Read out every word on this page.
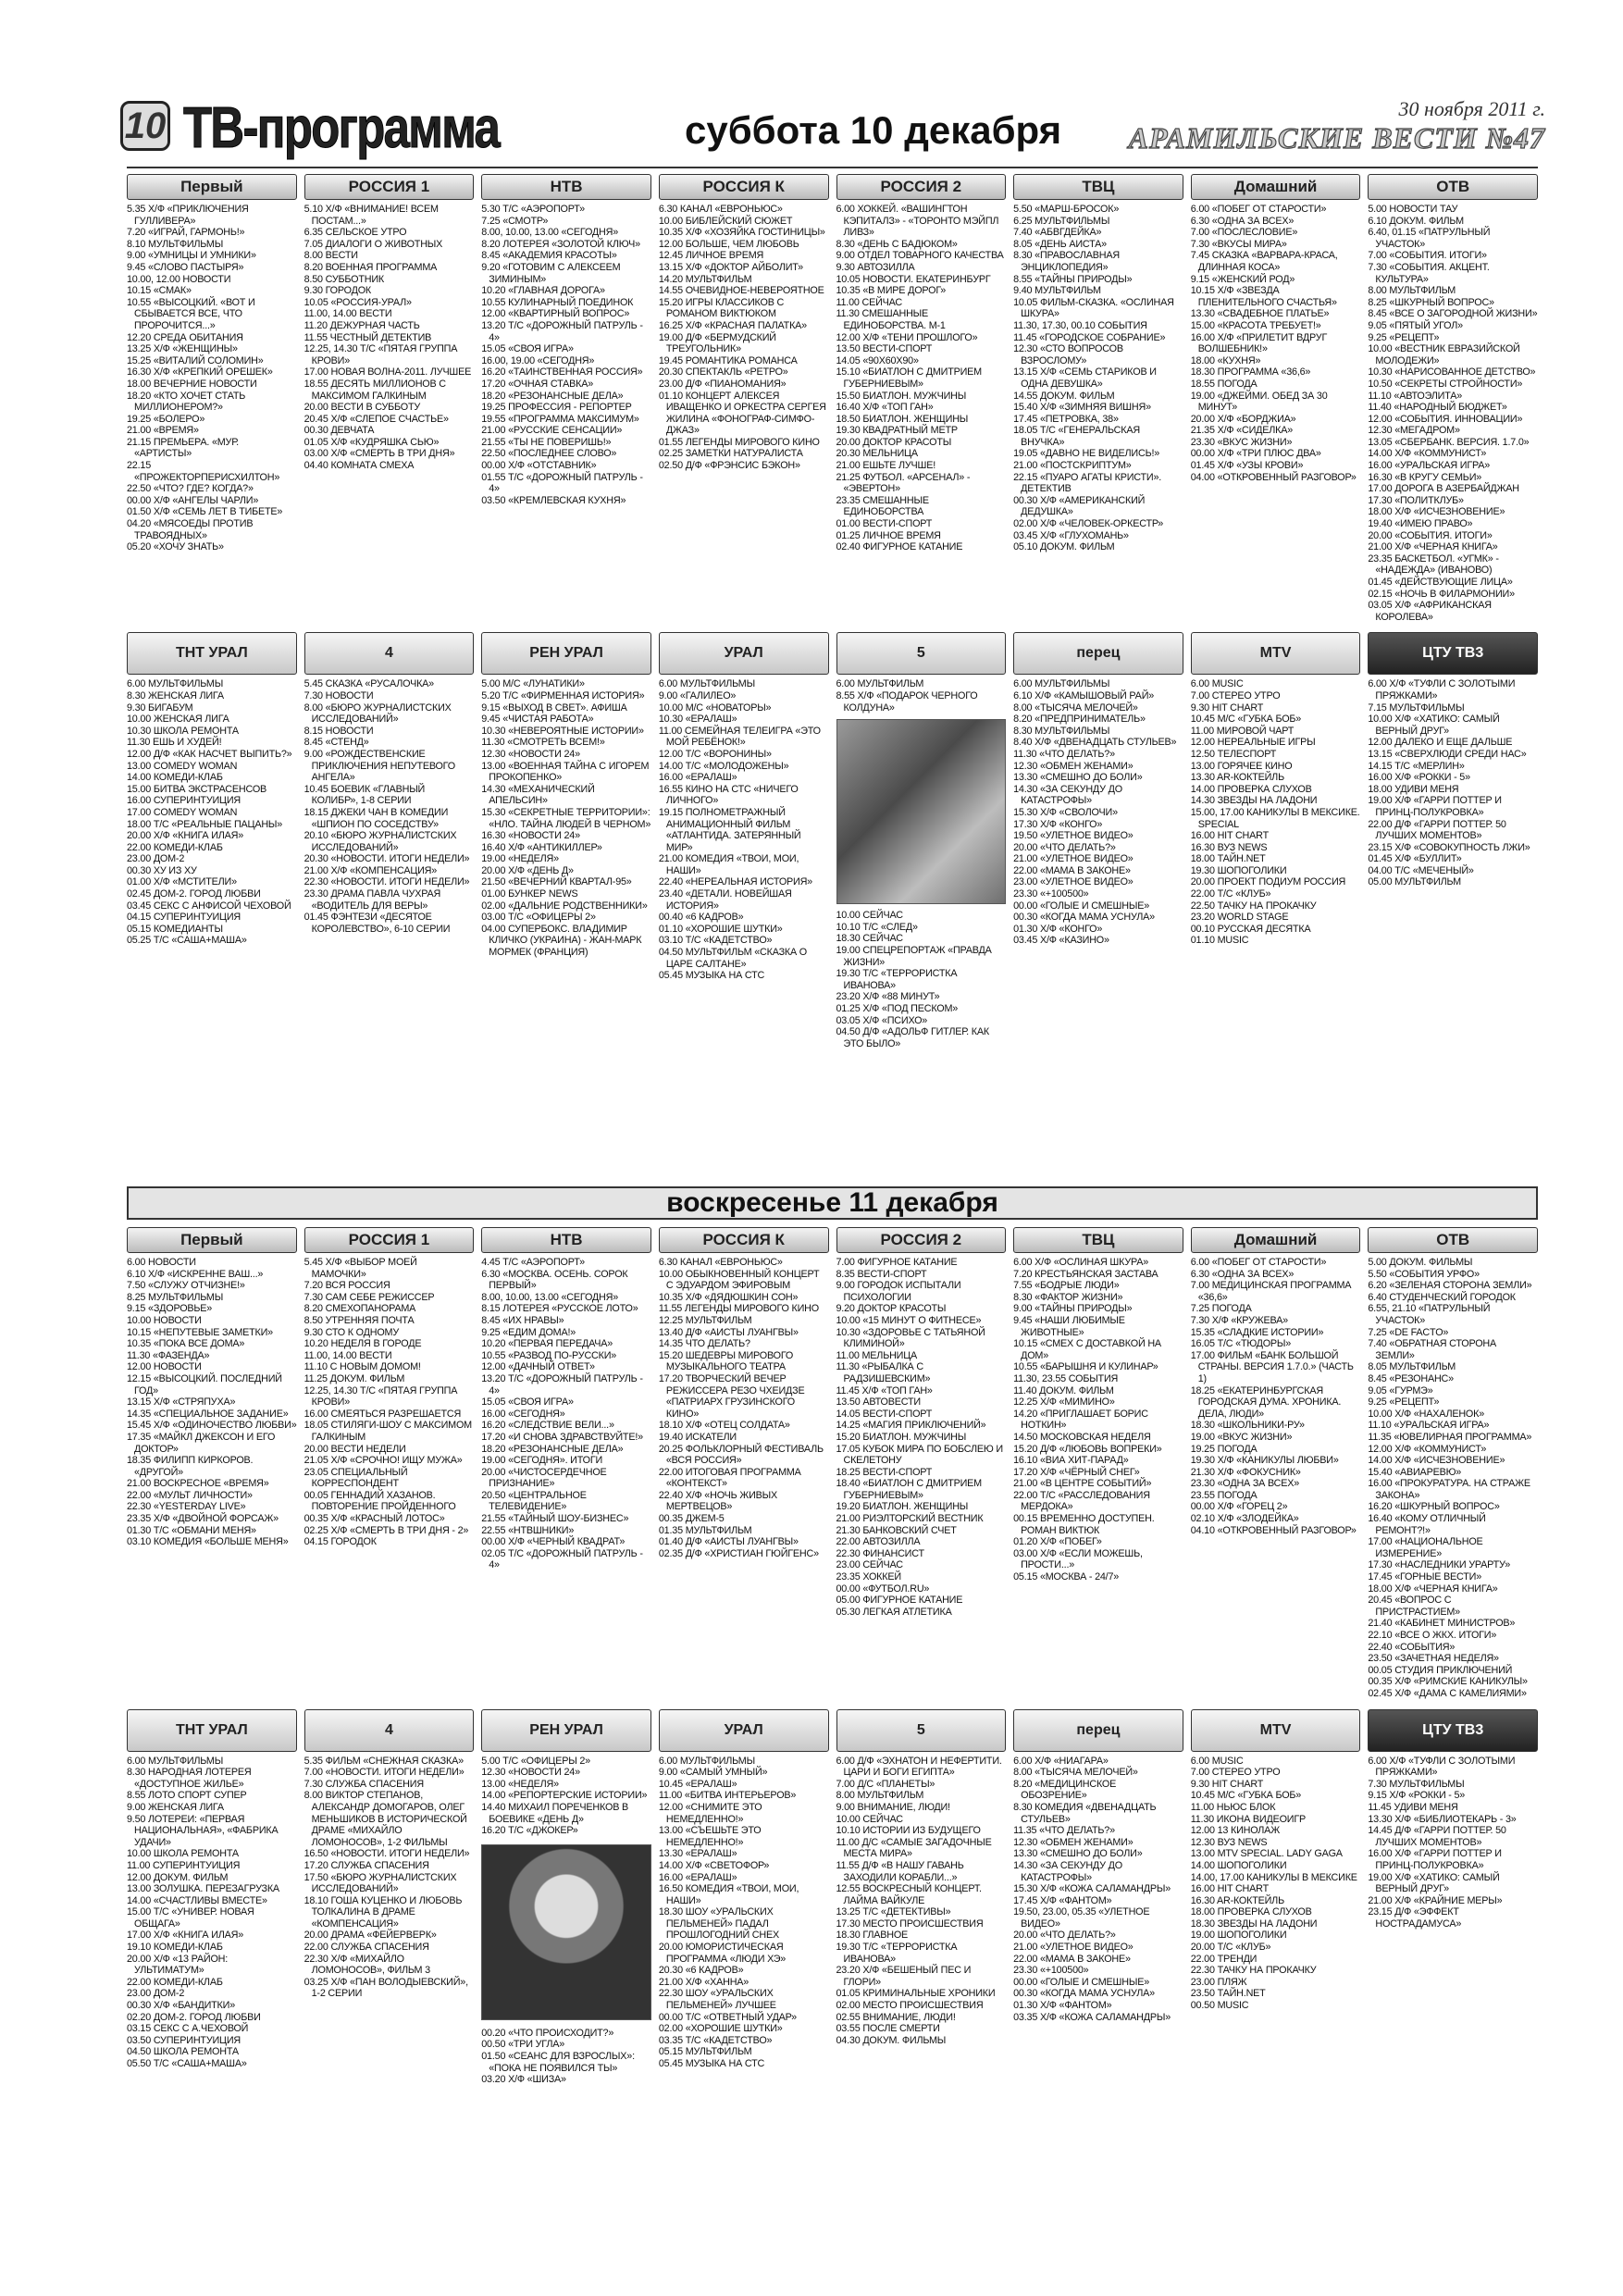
10 ТВ-программа	суббота 10 декабря	30 ноября 2011 г.
АРАМИЛЬСКИЕ ВЕСТИ №47
Первый
5.35 Х/Ф «ПРИКЛЮЧЕНИЯ ГУЛЛИВЕРА»
7.20 «ИГРАЙ, ГАРМОНЬ!»
8.10 МУЛЬТФИЛЬМЫ
9.00 «УМНИЦЫ И УМНИКИ»
9.45 «СЛОВО ПАСТЫРЯ»
10.00, 12.00 НОВОСТИ
10.15 «СМАК»
10.55 «ВЫСОЦКИЙ. «ВОТ И СБЫВАЕТСЯ ВСЕ, ЧТО ПРОРОЧИТСЯ...»
12.20 СРЕДА ОБИТАНИЯ
13.25 Х/Ф «ЖЕНЩИНЫ»
15.25 «ВИТАЛИЙ СОЛОМИН»
16.30 Х/Ф «КРЕПКИЙ ОРЕШЕК»
18.00 ВЕЧЕРНИЕ НОВОСТИ
18.20 «КТО ХОЧЕТ СТАТЬ МИЛЛИОНЕРОМ?»
19.25 «БОЛЕРО»
21.00 «ВРЕМЯ»
21.15 ПРЕМЬЕРА. «МУР. «АРТИСТЫ»
22.15 «ПРОЖЕКТОРПЕРИСХИЛТОН»
22.50 «ЧТО? ГДЕ? КОГДА?»
00.00 Х/Ф «АНГЕЛЫ ЧАРЛИ»
01.50 Х/Ф «СЕМЬ ЛЕТ В ТИБЕТЕ»
04.20 «МЯСОЕДЫ ПРОТИВ ТРАВОЯДНЫХ»
05.20 «ХОЧУ ЗНАТЬ»
РОССИЯ 1
5.10 Х/Ф «ВНИМАНИЕ! ВСЕМ ПОСТАМ...»
6.35 СЕЛЬСКОЕ УТРО
7.05 ДИАЛОГИ О ЖИВОТНЫХ
8.00 ВЕСТИ
8.20 ВОЕННАЯ ПРОГРАММА
8.50 СУББОТНИК
9.30 ГОРОДОК
10.05 «РОССИЯ-УРАЛ»
11.00, 14.00 ВЕСТИ
11.20 ДЕЖУРНАЯ ЧАСТЬ
11.55 ЧЕСТНЫЙ ДЕТЕКТИВ
12.25, 14.30 Т/С «ПЯТАЯ ГРУППА КРОВИ»
17.00 НОВАЯ ВОЛНА-2011. ЛУЧШЕЕ
18.55 ДЕСЯТЬ МИЛЛИОНОВ С МАКСИМОМ ГАЛКИНЫМ
20.00 ВЕСТИ В СУББОТУ
20.45 Х/Ф «СЛЕПОЕ СЧАСТЬЕ»
00.30 ДЕВЧАТА
01.05 Х/Ф «КУДРЯШКА СЬЮ»
03.00 Х/Ф «СМЕРТЬ В ТРИ ДНЯ»
04.40 КОМНАТА СМЕХА
НТВ
5.30 Т/С «АЭРОПОРТ»
7.25 «СМОТР»
8.00, 10.00, 13.00 «СЕГОДНЯ»
8.20 ЛОТЕРЕЯ «ЗОЛОТОЙ КЛЮЧ»
8.45 «АКАДЕМИЯ КРАСОТЫ»
9.20 «ГОТОВИМ С АЛЕКСЕЕМ ЗИМИНЫМ»
10.20 «ГЛАВНАЯ ДОРОГА»
10.55 КУЛИНАРНЫЙ ПОЕДИНОК
12.00 «КВАРТИРНЫЙ ВОПРОС»
13.20 Т/С «ДОРОЖНЫЙ ПАТРУЛЬ - 4»
15.05 «СВОЯ ИГРА»
16.00, 19.00 «СЕГОДНЯ»
16.20 «ТАИНСТВЕННАЯ РОССИЯ»
17.20 «ОЧНАЯ СТАВКА»
18.20 «РЕЗОНАНСНЫЕ ДЕЛА»
19.25 ПРОФЕССИЯ - РЕПОРТЕР
19.55 «ПРОГРАММА МАКСИМУМ»
21.00 «РУССКИЕ СЕНСАЦИИ»
21.55 «ТЫ НЕ ПОВЕРИШЬ!»
22.50 «ПОСЛЕДНЕЕ СЛОВО»
00.00 Х/Ф «ОТСТАВНИК»
01.55 Т/С «ДОРОЖНЫЙ ПАТРУЛЬ - 4»
03.50 «КРЕМЛЕВСКАЯ КУХНЯ»
РОССИЯ К
6.30 КАНАЛ «ЕВРОНЬЮС»
10.00 БИБЛЕЙСКИЙ СЮЖЕТ
10.35 Х/Ф «ХОЗЯЙКА ГОСТИНИЦЫ»
12.00 БОЛЬШЕ, ЧЕМ ЛЮБОВЬ
12.45 ЛИЧНОЕ ВРЕМЯ
13.15 Х/Ф «ДОКТОР АЙБОЛИТ»
14.20 МУЛЬТФИЛЬМ
14.55 ОЧЕВИДНОЕ-НЕВЕРОЯТНОЕ
15.20 ИГРЫ КЛАССИКОВ С РОМАНОМ ВИКТЮКОМ
16.25 Х/Ф «КРАСНАЯ ПАЛАТКА»
19.00 Д/Ф «БЕРМУДСКИЙ ТРЕУГОЛЬНИК»
19.45 РОМАНТИКА РОМАНСА
20.30 СПЕКТАКЛЬ «РЕТРО»
23.00 Д/Ф «ПИАНОМАНИЯ»
01.10 КОНЦЕРТ АЛЕКСЕЯ ИВАЩЕНКО И ОРКЕСТРА СЕРГЕЯ ЖИЛИНА «ФОНОГРАФ-СИМФО-ДЖАЗ»
01.55 ЛЕГЕНДЫ МИРОВОГО КИНО
02.25 ЗАМЕТКИ НАТУРАЛИСТА
02.50 Д/Ф «ФРЭНСИС БЭКОН»
РОССИЯ 2
6.00 ХОККЕЙ. «ВАШИНГТОН КЭПИТАЛЗ» - «ТОРОНТО МЭЙПЛ ЛИВЗ»
8.30 «ДЕНЬ С БАДЮКОМ»
9.00 ОТДЕЛ ТОВАРНОГО КАЧЕСТВА
9.30 АВТОЗИЛЛА
10.05 НОВОСТИ. ЕКАТЕРИНБУРГ
10.35 «В МИРЕ ДОРОГ»
11.00 СЕЙЧАС
11.30 СМЕШАННЫЕ ЕДИНОБОРСТВА. М-1
12.00 Х/Ф «ТЕНИ ПРОШЛОГО»
13.50 ВЕСТИ-СПОРТ
14.05 «90Х60Х90»
15.10 «БИАТЛОН С ДМИТРИЕМ ГУБЕРНИЕВЫМ»
15.50 БИАТЛОН. МУЖЧИНЫ
16.40 Х/Ф «ТОП ГАН»
18.50 БИАТЛОН. ЖЕНЩИНЫ
19.30 КВАДРАТНЫЙ МЕТР
20.00 ДОКТОР КРАСОТЫ
20.30 МЕЛЬНИЦА
21.00 ЕШЬТЕ ЛУЧШЕ!
21.25 ФУТБОЛ. «АРСЕНАЛ» - «ЭВЕРТОН»
23.35 СМЕШАННЫЕ ЕДИНОБОРСТВА
01.00 ВЕСТИ-СПОРТ
01.25 ЛИЧНОЕ ВРЕМЯ
02.40 ФИГУРНОЕ КАТАНИЕ
ТВЦ
5.50 «МАРШ-БРОСОК»
6.25 МУЛЬТФИЛЬМЫ
7.40 «АБВГДЕЙКА»
8.05 «ДЕНЬ АИСТА»
8.30 «ПРАВОСЛАВНАЯ ЭНЦИКЛОПЕДИЯ»
8.55 «ТАЙНЫ ПРИРОДЫ»
9.40 МУЛЬТФИЛЬМ
10.05 ФИЛЬМ-СКАЗКА. «ОСЛИНАЯ ШКУРА»
11.30, 17.30, 00.10 СОБЫТИЯ
11.45 «ГОРОДСКОЕ СОБРАНИЕ»
12.30 «СТО ВОПРОСОВ ВЗРОСЛОМУ»
13.15 Х/Ф «СЕМЬ СТАРИКОВ И ОДНА ДЕВУШКА»
14.55 ДОКУМ. ФИЛЬМ
15.40 Х/Ф «ЗИМНЯЯ ВИШНЯ»
17.45 «ПЕТРОВКА, 38»
18.05 Т/С «ГЕНЕРАЛЬСКАЯ ВНУЧКА»
19.05 «ДАВНО НЕ ВИДЕЛИСЬ!»
21.00 «ПОСТСКРИПТУМ»
22.15 «ПУАРО АГАТЫ КРИСТИ». ДЕТЕКТИВ
00.30 Х/Ф «АМЕРИКАНСКИЙ ДЕДУШКА»
02.00 Х/Ф «ЧЕЛОВЕК-ОРКЕСТР»
03.45 Х/Ф «ГЛУХОМАНЬ»
05.10 ДОКУМ. ФИЛЬМ
Домашний
6.00 «ПОБЕГ ОТ СТАРОСТИ»
6.30 «ОДНА ЗА ВСЕХ»
7.00 «ПОСЛЕСЛОВИЕ»
7.30 «ВКУСЫ МИРА»
7.45 СКАЗКА «ВАРВАРА-КРАСА, ДЛИННАЯ КОСА»
9.15 «ЖЕНСКИЙ РОД»
10.15 Х/Ф «ЗВЕЗДА ПЛЕНИТЕЛЬНОГО СЧАСТЬЯ»
13.30 «СВАДЕБНОЕ ПЛАТЬЕ»
15.00 «КРАСОТА ТРЕБУЕТ!»
16.00 Х/Ф «ПРИЛЕТИТ ВДРУГ ВОЛШЕБНИК!»
18.00 «КУХНЯ»
18.30 ПРОГРАММА «36,6»
18.55 ПОГОДА
19.00 «ДЖЕЙМИ. ОБЕД ЗА 30 МИНУТ»
20.00 Х/Ф «БОРДЖИА»
21.35 Х/Ф «СИДЕЛКА»
23.30 «ВКУС ЖИЗНИ»
00.00 Х/Ф «ТРИ ПЛЮС ДВА»
01.45 Х/Ф «УЗЫ КРОВИ»
04.00 «ОТКРОВЕННЫЙ РАЗГОВОР»
ОТВ
5.00 НОВОСТИ ТАУ
6.10 ДОКУМ. ФИЛЬМ
6.40, 01.15 «ПАТРУЛЬНЫЙ УЧАСТОК»
7.00 «СОБЫТИЯ. ИТОГИ»
7.30 «СОБЫТИЯ. АКЦЕНТ. КУЛЬТУРА»
8.00 МУЛЬТФИЛЬМ
8.25 «ШКУРНЫЙ ВОПРОС»
8.45 «ВСЕ О ЗАГОРОДНОЙ ЖИЗНИ»
9.05 «ПЯТЫЙ УГОЛ»
9.25 «РЕЦЕПТ»
10.00 «ВЕСТНИК ЕВРАЗИЙСКОЙ МОЛОДЕЖИ»
10.30 «НАРИСОВАННОЕ ДЕТСТВО»
10.50 «СЕКРЕТЫ СТРОЙНОСТИ»
11.10 «АВТОЭЛИТА»
11.40 «НАРОДНЫЙ БЮДЖЕТ»
12.00 «СОБЫТИЯ. ИННОВАЦИИ»
12.30 «МЕГАДРОМ»
13.05 «СБЕРБАНК. ВЕРСИЯ. 1.7.0»
14.00 Х/Ф «КОММУНИСТ»
16.00 «УРАЛЬСКАЯ ИГРА»
16.30 «В КРУГУ СЕМЬИ»
17.00 ДОРОГА В АЗЕРБАЙДЖАН
17.30 «ПОЛИТКЛУБ»
18.00 Х/Ф «ИСЧЕЗНОВЕНИЕ»
19.40 «ИМЕЮ ПРАВО»
20.00 «СОБЫТИЯ. ИТОГИ»
21.00 Х/Ф «ЧЕРНАЯ КНИГА»
23.35 БАСКЕТБОЛ. «УГМК» - «НАДЕЖДА» (ИВАНОВО)
01.45 «ДЕЙСТВУЮЩИЕ ЛИЦА»
02.15 «НОЧЬ В ФИЛАРМОНИИ»
03.05 Х/Ф «АФРИКАНСКАЯ КОРОЛЕВА»
ТНТ УРАЛ
6.00 МУЛЬТФИЛЬМЫ
8.30 ЖЕНСКАЯ ЛИГА
9.30 БИГАБУМ
10.00 ЖЕНСКАЯ ЛИГА
10.30 ШКОЛА РЕМОНТА
11.30 ЕШЬ И ХУДЕЙ!
12.00 Д/Ф «КАК НАСЧЕТ ВЫПИТЬ?»
13.00 COMEDY WOMAN
14.00 КОМЕДИ-КЛАБ
15.00 БИТВА ЭКСТРАСЕНСОВ
16.00 СУПЕРИНТУИЦИЯ
17.00 COMEDY WOMAN
18.00 Т/С «РЕАЛЬНЫЕ ПАЦАНЫ»
20.00 Х/Ф «КНИГА ИЛАЯ»
22.00 КОМЕДИ-КЛАБ
23.00 ДОМ-2
00.30 ХУ ИЗ ХУ
01.00 Х/Ф «МСТИТЕЛИ»
02.45 ДОМ-2. ГОРОД ЛЮБВИ
03.45 СЕКС С АНФИСОЙ ЧЕХОВОЙ
04.15 СУПЕРИНТУИЦИЯ
05.15 КОМЕДИАНТЫ
05.25 Т/С «САША+МАША»
4
5.45 СКАЗКА «РУСАЛОЧКА»
7.30 НОВОСТИ
8.00 «БЮРО ЖУРНАЛИСТСКИХ ИССЛЕДОВАНИЙ»
8.15 НОВОСТИ
8.45 «СТЕНД»
9.00 «РОЖДЕСТВЕНСКИЕ ПРИКЛЮЧЕНИЯ НЕПУТЕВОГО АНГЕЛА»
10.45 БОЕВИК «ГЛАВНЫЙ КОЛИБР», 1-8 СЕРИИ
18.15 ДЖЕКИ ЧАН В КОМЕДИИ «ШПИОН ПО СОСЕДСТВУ»
20.10 «БЮРО ЖУРНАЛИСТСКИХ ИССЛЕДОВАНИЙ»
20.30 «НОВОСТИ. ИТОГИ НЕДЕЛИ»
21.00 Х/Ф «КОМПЕНСАЦИЯ»
22.30 «НОВОСТИ. ИТОГИ НЕДЕЛИ»
23.30 ДРАМА ПАВЛА ЧУХРАЯ «ВОДИТЕЛЬ ДЛЯ ВЕРЫ»
01.45 ФЭНТЕЗИ «ДЕСЯТОЕ КОРОЛЕВСТВО», 6-10 СЕРИИ
РЕН УРАЛ
5.00 М/С «ЛУНАТИКИ»
5.20 Т/С «ФИРМЕННАЯ ИСТОРИЯ»
9.15 «ВЫХОД В СВЕТ». АФИША
9.45 «ЧИСТАЯ РАБОТА»
10.30 «НЕВЕРОЯТНЫЕ ИСТОРИИ»
11.30 «СМОТРЕТЬ ВСЕМ!»
12.30 «НОВОСТИ 24»
13.00 «ВОЕННАЯ ТАЙНА С ИГОРЕМ ПРОКОПЕНКО»
14.30 «МЕХАНИЧЕСКИЙ АПЕЛЬСИН»
15.30 «СЕКРЕТНЫЕ ТЕРРИТОРИИ»: «НЛО. ТАЙНА ЛЮДЕЙ В ЧЕРНОМ»
16.30 «НОВОСТИ 24»
16.40 Х/Ф «АНТИКИЛЛЕР»
19.00 «НЕДЕЛЯ»
20.00 Х/Ф «ДЕНЬ Д»
21.50 «ВЕЧЕРНИЙ КВАРТАЛ-95»
01.00 БУНКЕР NEWS
02.00 «ДАЛЬНИЕ РОДСТВЕННИКИ»
03.00 Т/С «ОФИЦЕРЫ 2»
04.00 СУПЕРБОКС. ВЛАДИМИР КЛИЧКО (УКРАИНА) - ЖАН-МАРК МОРМЕК (ФРАНЦИЯ)
УРАЛ
6.00 МУЛЬТФИЛЬМЫ
9.00 «ГАЛИЛЕО»
10.00 М/С «НОВАТОРЫ»
10.30 «ЕРАЛАШ»
11.00 СЕМЕЙНАЯ ТЕЛЕИГРА «ЭТО МОЙ РЕБЁНОК!»
12.00 Т/С «ВОРОНИНЫ»
14.00 Т/С «МОЛОДОЖЕНЫ»
16.00 «ЕРАЛАШ»
16.55 КИНО НА СТС «НИЧЕГО ЛИЧНОГО»
19.15 ПОЛНОМЕТРАЖНЫЙ АНИМАЦИОННЫЙ ФИЛЬМ «АТЛАНТИДА. ЗАТЕРЯННЫЙ МИР»
21.00 КОМЕДИЯ «ТВОИ, МОИ, НАШИ»
22.40 «НЕРЕАЛЬНАЯ ИСТОРИЯ»
23.40 «ДЕТАЛИ. НОВЕЙШАЯ ИСТОРИЯ»
00.40 «6 КАДРОВ»
01.10 «ХОРОШИЕ ШУТКИ»
03.10 Т/С «КАДЕТСТВО»
04.50 МУЛЬТФИЛЬМ «СКАЗКА О ЦАРЕ САЛТАНЕ»
05.45 МУЗЫКА НА СТС
5
6.00 МУЛЬТФИЛЬМ
8.55 Х/Ф «ПОДАРОК ЧЕРНОГО КОЛДУНА»
10.00 СЕЙЧАС
10.10 Т/С «СЛЕД»
18.30 СЕЙЧАС
19.00 СПЕЦРЕПОРТАЖ «ПРАВДА ЖИЗНИ»
19.30 Т/С «ТЕРРОРИСТКА ИВАНОВА»
23.20 Х/Ф «88 МИНУТ»
01.25 Х/Ф «ПОД ПЕСКОМ»
03.05 Х/Ф «ПСИХО»
04.50 Д/Ф «АДОЛЬФ ГИТЛЕР. КАК ЭТО БЫЛО»
перец
6.00 МУЛЬТФИЛЬМЫ
6.10 Х/Ф «КАМЫШОВЫЙ РАЙ»
8.00 «ТЫСЯЧА МЕЛОЧЕЙ»
8.20 «ПРЕДПРИНИМАТЕЛЬ»
8.30 МУЛЬТФИЛЬМЫ
8.40 Х/Ф «ДВЕНАДЦАТЬ СТУЛЬЕВ»
11.30 «ЧТО ДЕЛАТЬ?»
12.30 «ОБМЕН ЖЕНАМИ»
13.30 «СМЕШНО ДО БОЛИ»
14.30 «ЗА СЕКУНДУ ДО КАТАСТРОФЫ»
15.30 Х/Ф «СВОЛОЧИ»
17.30 Х/Ф «КОНГО»
19.50 «УЛЕТНОЕ ВИДЕО»
20.00 «ЧТО ДЕЛАТЬ?»
21.00 «УЛЕТНОЕ ВИДЕО»
22.00 «МАМА В ЗАКОНЕ»
23.00 «УЛЕТНОЕ ВИДЕО»
23.30 «+100500»
00.00 «ГОЛЫЕ И СМЕШНЫЕ»
00.30 «КОГДА МАМА УСНУЛА»
01.30 Х/Ф «КОНГО»
03.45 Х/Ф «КАЗИНО»
MTV
6.00 MUSIC
7.00 СТЕРЕО УТРО
9.30 HIT CHART
10.45 М/С «ГУБКА БОБ»
11.00 МИРОВОЙ ЧАРТ
12.00 НЕРЕАЛЬНЫЕ ИГРЫ
12.50 ТЕЛЕСПОРТ
13.00 ГОРЯЧЕЕ КИНО
13.30 AR-КОКТЕЙЛЬ
14.00 ПРОВЕРКА СЛУХОВ
14.30 ЗВЕЗДЫ НА ЛАДОНИ
15.00, 17.00 КАНИКУЛЫ В МЕКСИКЕ. SPECIAL
16.00 HIT CHART
16.30 ВУЗ NEWS
18.00 ТАЙН.NET
19.30 ШОПОГОЛИКИ
20.00 ПРОЕКТ ПОДИУМ РОССИЯ
22.00 Т/С «КЛУБ»
22.50 ТАЧКУ НА ПРОКАЧКУ
23.20 WORLD STAGE
00.10 РУССКАЯ ДЕСЯТКА
01.10 MUSIC
ЦТУ ТВ3
6.00 Х/Ф «ТУФЛИ С ЗОЛОТЫМИ ПРЯЖКАМИ»
7.15 МУЛЬТФИЛЬМЫ
10.00 Х/Ф «ХАТИКО: САМЫЙ ВЕРНЫЙ ДРУГ»
12.00 ДАЛЕКО И ЕЩЕ ДАЛЬШЕ
13.15 «СВЕРХЛЮДИ СРЕДИ НАС»
14.15 Т/С «МЕРЛИН»
16.00 Х/Ф «РОККИ - 5»
18.00 УДИВИ МЕНЯ
19.00 Х/Ф «ГАРРИ ПОТТЕР И ПРИНЦ-ПОЛУКРОВКА»
22.00 Д/Ф «ГАРРИ ПОТТЕР. 50 ЛУЧШИХ МОМЕНТОВ»
23.15 Х/Ф «СОВОКУПНОСТЬ ЛЖИ»
01.45 Х/Ф «БУЛЛИТ»
04.00 Т/С «МЕЧЕНЫЙ»
05.00 МУЛЬТФИЛЬМ
воскресенье 11 декабря
Первый
6.00 НОВОСТИ
6.10 Х/Ф «ИСКРЕННЕ ВАШ...»
7.50 «СЛУЖУ ОТЧИЗНЕ!»
8.25 МУЛЬТФИЛЬМЫ
9.15 «ЗДОРОВЬЕ»
10.00 НОВОСТИ
10.15 «НЕПУТЕВЫЕ ЗАМЕТКИ»
10.35 «ПОКА ВСЕ ДОМА»
11.30 «ФАЗЕНДА»
12.00 НОВОСТИ
12.15 «ВЫСОЦКИЙ. ПОСЛЕДНИЙ ГОД»
13.15 Х/Ф «СТРЯПУХА»
14.35 «СПЕЦИАЛЬНОЕ ЗАДАНИЕ»
15.45 Х/Ф «ОДИНОЧЕСТВО ЛЮБВИ»
17.35 «МАЙКЛ ДЖЕКСОН И ЕГО ДОКТОР»
18.35 ФИЛИПП КИРКОРОВ. «ДРУГОЙ»
21.00 ВОСКРЕСНОЕ «ВРЕМЯ»
22.00 «МУЛЬТ ЛИЧНОСТИ»
22.30 «YESTERDAY LIVE»
23.35 Х/Ф «ДВОЙНОЙ ФОРСАЖ»
01.30 Т/С «ОБМАНИ МЕНЯ»
03.10 КОМЕДИЯ «БОЛЬШЕ МЕНЯ»
РОССИЯ 1
5.45 Х/Ф «ВЫБОР МОЕЙ МАМОЧКИ»
7.20 ВСЯ РОССИЯ
7.30 САМ СЕБЕ РЕЖИССЕР
8.20 СМЕХОПАНОРАМА
8.50 УТРЕННЯЯ ПОЧТА
9.30 СТО К ОДНОМУ
10.20 НЕДЕЛЯ В ГОРОДЕ
11.00, 14.00 ВЕСТИ
11.10 С НОВЫМ ДОМОМ!
11.25 ДОКУМ. ФИЛЬМ
12.25, 14.30 Т/С «ПЯТАЯ ГРУППА КРОВИ»
16.00 СМЕЯТЬСЯ РАЗРЕШАЕТСЯ
18.05 СТИЛЯГИ-ШОУ С МАКСИМОМ ГАЛКИНЫМ
20.00 ВЕСТИ НЕДЕЛИ
21.05 Х/Ф «СРОЧНО! ИЩУ МУЖА»
23.05 СПЕЦИАЛЬНЫЙ КОРРЕСПОНДЕНТ
00.05 ГЕННАДИЙ ХАЗАНОВ. ПОВТОРЕНИЕ ПРОЙДЕННОГО
00.35 Х/Ф «КРАСНЫЙ ЛОТОС»
02.25 Х/Ф «СМЕРТЬ В ТРИ ДНЯ - 2»
04.15 ГОРОДОК
НТВ
4.45 Т/С «АЭРОПОРТ»
6.30 «МОСКВА. ОСЕНЬ. СОРОК ПЕРВЫЙ»
8.00, 10.00, 13.00 «СЕГОДНЯ»
8.15 ЛОТЕРЕЯ «РУССКОЕ ЛОТО»
8.45 «ИХ НРАВЫ»
9.25 «ЕДИМ ДОМА!»
10.20 «ПЕРВАЯ ПЕРЕДАЧА»
10.55 «РАЗВОД ПО-РУССКИ»
12.00 «ДАЧНЫЙ ОТВЕТ»
13.20 Т/С «ДОРОЖНЫЙ ПАТРУЛЬ - 4»
15.05 «СВОЯ ИГРА»
16.00 «СЕГОДНЯ»
16.20 «СЛЕДСТВИЕ ВЕЛИ...»
17.20 «И СНОВА ЗДРАВСТВУЙТЕ!»
18.20 «РЕЗОНАНСНЫЕ ДЕЛА»
19.00 «СЕГОДНЯ». ИТОГИ
20.00 «ЧИСТОСЕРДЕЧНОЕ ПРИЗНАНИЕ»
20.50 «ЦЕНТРАЛЬНОЕ ТЕЛЕВИДЕНИЕ»
21.55 «ТАЙНЫЙ ШОУ-БИЗНЕС»
22.55 «НТВШНИКИ»
00.00 Х/Ф «ЧЕРНЫЙ КВАДРАТ»
02.05 Т/С «ДОРОЖНЫЙ ПАТРУЛЬ - 4»
РОССИЯ К
6.30 КАНАЛ «ЕВРОНЬЮС»
10.00 ОБЫКНОВЕННЫЙ КОНЦЕРТ С ЭДУАРДОМ ЭФИРОВЫМ
10.35 Х/Ф «ДЯДЮШКИН СОН»
11.55 ЛЕГЕНДЫ МИРОВОГО КИНО
12.25 МУЛЬТФИЛЬМ
13.40 Д/Ф «АИСТЫ ЛУАНГВЫ»
14.35 ЧТО ДЕЛАТЬ?
15.20 ШЕДЕВРЫ МИРОВОГО МУЗЫКАЛЬНОГО ТЕАТРА
17.20 ТВОРЧЕСКИЙ ВЕЧЕР РЕЖИССЕРА РЕЗО ЧХЕИДЗЕ «ПАТРИАРХ ГРУЗИНСКОГО КИНО»
18.10 Х/Ф «ОТЕЦ СОЛДАТА»
19.40 ИСКАТЕЛИ
20.25 ФОЛЬКЛОРНЫЙ ФЕСТИВАЛЬ «ВСЯ РОССИЯ»
22.00 ИТОГОВАЯ ПРОГРАММА «КОНТЕКСТ»
22.40 Х/Ф «НОЧЬ ЖИВЫХ МЕРТВЕЦОВ»
00.35 ДЖЕМ-5
01.35 МУЛЬТФИЛЬМ
01.40 Д/Ф «АИСТЫ ЛУАНГВЫ»
02.35 Д/Ф «ХРИСТИАН ГЮЙГЕНС»
РОССИЯ 2
7.00 ФИГУРНОЕ КАТАНИЕ
8.35 ВЕСТИ-СПОРТ
9.00 ГОРОДОК ИСПЫТАЛИ ПСИХОЛОГИИ
9.20 ДОКТОР КРАСОТЫ
10.00 «15 МИНУТ О ФИТНЕСЕ»
10.30 «ЗДОРОВЬЕ С ТАТЬЯНОЙ КЛИМИНОЙ»
11.00 МЕЛЬНИЦА
11.30 «РЫБАЛКА С РАДЗИШЕВСКИМ»
11.45 Х/Ф «ТОП ГАН»
13.50 АВТОВЕСТИ
14.05 ВЕСТИ-СПОРТ
14.25 «МАГИЯ ПРИКЛЮЧЕНИЙ»
15.20 БИАТЛОН. МУЖЧИНЫ
17.05 КУБОК МИРА ПО БОБСЛЕЮ И СКЕЛЕТОНУ
18.25 ВЕСТИ-СПОРТ
18.40 «БИАТЛОН С ДМИТРИЕМ ГУБЕРНИЕВЫМ»
19.20 БИАТЛОН. ЖЕНЩИНЫ
21.00 РИЭЛТОРСКИЙ ВЕСТНИК
21.30 БАНКОВСКИЙ СЧЕТ
22.00 АВТОЗИЛЛА
22.30 ФИНАНСИСТ
23.00 СЕЙЧАС
23.35 ХОККЕЙ
00.00 «ФУТБОЛ.RU»
05.00 ФИГУРНОЕ КАТАНИЕ
05.30 ЛЕГКАЯ АТЛЕТИКА
ТВЦ
6.00 Х/Ф «ОСЛИНАЯ ШКУРА»
7.20 КРЕСТЬЯНСКАЯ ЗАСТАВА
7.55 «БОДРЫЕ ЛЮДИ»
8.30 «ФАКТОР ЖИЗНИ»
9.00 «ТАЙНЫ ПРИРОДЫ»
9.45 «НАШИ ЛЮБИМЫЕ ЖИВОТНЫЕ»
10.15 «СМЕХ С ДОСТАВКОЙ НА ДОМ»
10.55 «БАРЫШНЯ И КУЛИНАР»
11.30, 23.55 СОБЫТИЯ
11.40 ДОКУМ. ФИЛЬМ
12.25 Х/Ф «МИМИНО»
14.20 «ПРИГЛАШАЕТ БОРИС НОТКИН»
14.50 МОСКОВСКАЯ НЕДЕЛЯ
15.20 Д/Ф «ЛЮБОВЬ ВОПРЕКИ»
16.10 «ВИА ХИТ-ПАРАД»
17.20 Х/Ф «ЧЁРНЫЙ СНЕГ»
21.00 «В ЦЕНТРЕ СОБЫТИЙ»
22.00 Т/С «РАССЛЕДОВАНИЯ МЕРДОКА»
00.15 ВРЕМЕННО ДОСТУПЕН. РОМАН ВИКТЮК
01.20 Х/Ф «ПОБЕГ»
03.00 Х/Ф «ЕСЛИ МОЖЕШЬ, ПРОСТИ...»
05.15 «МОСКВА - 24/7»
Домашний
6.00 «ПОБЕГ ОТ СТАРОСТИ»
6.30 «ОДНА ЗА ВСЕХ»
7.00 МЕДИЦИНСКАЯ ПРОГРАММА «36,6»
7.25 ПОГОДА
7.30 Х/Ф «КРУЖЕВА»
15.35 «СЛАДКИЕ ИСТОРИИ»
16.05 Т/С «ТЮДОРЫ»
17.00 ФИЛЬМ «БАНК БОЛЬШОЙ СТРАНЫ. ВЕРСИЯ 1.7.0.» (ЧАСТЬ 1)
18.25 «ЕКАТЕРИНБУРГСКАЯ ГОРОДСКАЯ ДУМА. ХРОНИКА. ДЕЛА, ЛЮДИ»
18.30 «ШКОЛЬНИКИ-РУ»
19.00 «ВКУС ЖИЗНИ»
19.25 ПОГОДА
19.30 Х/Ф «КАНИКУЛЫ ЛЮБВИ»
21.30 Х/Ф «ФОКУСНИК»
23.30 «ОДНА ЗА ВСЕХ»
23.55 ПОГОДА
00.00 Х/Ф «ГОРЕЦ 2»
02.10 Х/Ф «ЗЛОДЕЙКА»
04.10 «ОТКРОВЕННЫЙ РАЗГОВОР»
ОТВ
5.00 ДОКУМ. ФИЛЬМЫ
5.50 «СОБЫТИЯ УРФО»
6.20 «ЗЕЛЕНАЯ СТОРОНА ЗЕМЛИ»
6.40 СТУДЕНЧЕСКИЙ ГОРОДОК
6.55, 21.10 «ПАТРУЛЬНЫЙ УЧАСТОК»
7.25 «DE FACTO»
7.40 «ОБРАТНАЯ СТОРОНА ЗЕМЛИ»
8.05 МУЛЬТФИЛЬМ
8.45 «РЕЗОНАНС»
9.05 «ГУРМЭ»
9.25 «РЕЦЕПТ»
10.00 Х/Ф «НАХАЛЕНОК»
11.10 «УРАЛЬСКАЯ ИГРА»
11.35 «ЮВЕЛИРНАЯ ПРОГРАММА»
12.00 Х/Ф «КОММУНИСТ»
14.00 Х/Ф «ИСЧЕЗНОВЕНИЕ»
15.40 «АВИАРЕВЮ»
16.00 «ПРОКУРАТУРА. НА СТРАЖЕ ЗАКОНА»
16.20 «ШКУРНЫЙ ВОПРОС»
16.40 «КОМУ ОТЛИЧНЫЙ РЕМОНТ?!»
17.00 «НАЦИОНАЛЬНОЕ ИЗМЕРЕНИЕ»
17.30 «НАСЛЕДНИКИ УРАРТУ»
17.45 «ГОРНЫЕ ВЕСТИ»
18.00 Х/Ф «ЧЕРНАЯ КНИГА»
20.45 «ВОПРОС С ПРИСТРАСТИЕМ»
21.40 «КАБИНЕТ МИНИСТРОВ»
22.10 «ВСЕ О ЖКХ. ИТОГИ»
22.40 «СОБЫТИЯ»
23.50 «ЗАЧЕТНАЯ НЕДЕЛЯ»
00.05 СТУДИЯ ПРИКЛЮЧЕНИЙ
00.35 Х/Ф «РИМСКИЕ КАНИКУЛЫ»
02.45 Х/Ф «ДАМА С КАМЕЛИЯМИ»
ТНТ УРАЛ
6.00 МУЛЬТФИЛЬМЫ
8.30 НАРОДНАЯ ЛОТЕРЕЯ «ДОСТУПНОЕ ЖИЛЬЕ»
8.55 ЛОТО СПОРТ СУПЕР
9.00 ЖЕНСКАЯ ЛИГА
9.50 ЛОТЕРЕИ: «ПЕРВАЯ НАЦИОНАЛЬНАЯ», «ФАБРИКА УДАЧИ»
10.00 ШКОЛА РЕМОНТА
11.00 СУПЕРИНТУИЦИЯ
12.00 ДОКУМ. ФИЛЬМ
13.00 ЗОЛУШКА. ПЕРЕЗАГРУЗКА
14.00 «СЧАСТЛИВЫ ВМЕСТЕ»
15.00 Т/С «УНИВЕР. НОВАЯ ОБЩАГА»
17.00 Х/Ф «КНИГА ИЛАЯ»
19.10 КОМЕДИ-КЛАБ
20.00 Х/Ф «13 РАЙОН: УЛЬТИМАТУМ»
22.00 КОМЕДИ-КЛАБ
23.00 ДОМ-2
00.30 Х/Ф «БАНДИТКИ»
02.20 ДОМ-2. ГОРОД ЛЮБВИ
03.15 СЕКС С А.ЧЕХОВОЙ
03.50 СУПЕРИНТУИЦИЯ
04.50 ШКОЛА РЕМОНТА
05.50 Т/С «САША+МАША»
4
5.35 ФИЛЬМ «СНЕЖНАЯ СКАЗКА»
7.00 «НОВОСТИ. ИТОГИ НЕДЕЛИ»
7.30 СЛУЖБА СПАСЕНИЯ
8.00 ВИКТОР СТЕПАНОВ, АЛЕКСАНДР ДОМОГАРОВ, ОЛЕГ МЕНЬШИКОВ В ИСТОРИЧЕСКОЙ ДРАМЕ «МИХАЙЛО ЛОМОНОСОВ», 1-2 ФИЛЬМЫ
16.50 «НОВОСТИ. ИТОГИ НЕДЕЛИ»
17.20 СЛУЖБА СПАСЕНИЯ
17.50 «БЮРО ЖУРНАЛИСТСКИХ ИССЛЕДОВАНИЙ»
18.10 ГОША КУЦЕНКО И ЛЮБОВЬ ТОЛКАЛИНА В ДРАМЕ «КОМПЕНСАЦИЯ»
20.00 ДРАМА «ФЕЙЕРВЕРК»
22.00 СЛУЖБА СПАСЕНИЯ
22.30 Х/Ф «МИХАЙЛО ЛОМОНОСОВ», ФИЛЬМ 3
03.25 Х/Ф «ПАН ВОЛОДЫЕВСКИЙ», 1-2 СЕРИИ
РЕН УРАЛ
5.00 Т/С «ОФИЦЕРЫ 2»
12.30 «НОВОСТИ 24»
13.00 «НЕДЕЛЯ»
14.00 «РЕПОРТЕРСКИЕ ИСТОРИИ»
14.40 МИХАИЛ ПОРЕЧЕНКОВ В БОЕВИКЕ «ДЕНЬ Д»
16.20 Т/С «ДЖОКЕР»
00.20 «ЧТО ПРОИСХОДИТ?»
00.50 «ТРИ УГЛА»
01.50 «СЕАНС ДЛЯ ВЗРОСЛЫХ»: «ПОКА НЕ ПОЯВИЛСЯ ТЫ»
03.20 Х/Ф «ШИЗА»
УРАЛ
6.00 МУЛЬТФИЛЬМЫ
9.00 «САМЫЙ УМНЫЙ»
10.45 «ЕРАЛАШ»
11.00 «БИТВА ИНТЕРЬЕРОВ»
12.00 «СНИМИТЕ ЭТО НЕМЕДЛЕННО!»
13.00 «СЪЕШЬТЕ ЭТО НЕМЕДЛЕННО!»
13.30 «ЕРАЛАШ»
14.00 Х/Ф «СВЕТОФОР»
16.00 «ЕРАЛАШ»
16.50 КОМЕДИЯ «ТВОИ, МОИ, НАШИ»
18.30 ШОУ «УРАЛЬСКИХ ПЕЛЬМЕНЕЙ» ПАДАЛ ПРОШЛОГОДНИЙ СНЕХ
20.00 ЮМОРИСТИЧЕСКАЯ ПРОГРАММА «ЛЮДИ ХЭ»
20.30 «6 КАДРОВ»
21.00 Х/Ф «ХАННА»
22.30 ШОУ «УРАЛЬСКИХ ПЕЛЬМЕНЕЙ» ЛУЧШЕЕ
00.00 Т/С «ОТВЕТНЫЙ УДАР»
02.00 «ХОРОШИЕ ШУТКИ»
03.35 Т/С «КАДЕТСТВО»
05.15 МУЛЬТФИЛЬМ
05.45 МУЗЫКА НА СТС
5
6.00 Д/Ф «ЭХНАТОН И НЕФЕРТИТИ. ЦАРИ И БОГИ ЕГИПТА»
7.00 Д/С «ПЛАНЕТЫ»
8.00 МУЛЬТФИЛЬМ
9.00 ВНИМАНИЕ, ЛЮДИ!
10.00 СЕЙЧАС
10.10 ИСТОРИИ ИЗ БУДУЩЕГО
11.00 Д/С «САМЫЕ ЗАГАДОЧНЫЕ МЕСТА МИРА»
11.55 Д/Ф «В НАШУ ГАВАНЬ ЗАХОДИЛИ КОРАБЛИ...»
12.55 ВОСКРЕСНЫЙ КОНЦЕРТ. ЛАЙМА ВАЙКУЛЕ
13.25 Т/С «ДЕТЕКТИВЫ»
17.30 МЕСТО ПРОИСШЕСТВИЯ
18.30 ГЛАВНОЕ
19.30 Т/С «ТЕРРОРИСТКА ИВАНОВА»
23.20 Х/Ф «БЕШЕНЫЙ ПЕС И ГЛОРИ»
01.05 КРИМИНАЛЬНЫЕ ХРОНИКИ
02.00 МЕСТО ПРОИСШЕСТВИЯ
02.55 ВНИМАНИЕ, ЛЮДИ!
03.55 ПОСЛЕ СМЕРТИ
04.30 ДОКУМ. ФИЛЬМЫ
перец
6.00 Х/Ф «НИАГАРА»
8.00 «ТЫСЯЧА МЕЛОЧЕЙ»
8.20 «МЕДИЦИНСКОЕ ОБОЗРЕНИЕ»
8.30 КОМЕДИЯ «ДВЕНАДЦАТЬ СТУЛЬЕВ»
11.35 «ЧТО ДЕЛАТЬ?»
12.30 «ОБМЕН ЖЕНАМИ»
13.30 «СМЕШНО ДО БОЛИ»
14.30 «ЗА СЕКУНДУ ДО КАТАСТРОФЫ»
15.30 Х/Ф «КОЖА САЛАМАНДРЫ»
17.45 Х/Ф «ФАНТОМ»
19.50, 23.00, 05.35 «УЛЕТНОЕ ВИДЕО»
20.00 «ЧТО ДЕЛАТЬ?»
21.00 «УЛЕТНОЕ ВИДЕО»
22.00 «МАМА В ЗАКОНЕ»
23.30 «+100500»
00.00 «ГОЛЫЕ И СМЕШНЫЕ»
00.30 «КОГДА МАМА УСНУЛА»
01.30 Х/Ф «ФАНТОМ»
03.35 Х/Ф «КОЖА САЛАМАНДРЫ»
MTV
6.00 MUSIC
7.00 СТЕРЕО УТРО
9.30 HIT CHART
10.45 М/С «ГУБКА БОБ»
11.00 НЬЮС БЛОК
11.30 ИКОНА ВИДЕОИГР
12.00 13 КИНОЛАЖ
12.30 ВУЗ NEWS
13.00 MTV SPECIAL. LADY GAGA
14.00 ШОПОГОЛИКИ
14.00, 17.00 КАНИКУЛЫ В МЕКСИКЕ
16.00 HIT CHART
16.30 AR-КОКТЕЙЛЬ
18.00 ПРОВЕРКА СЛУХОВ
18.30 ЗВЕЗДЫ НА ЛАДОНИ
19.00 ШОПОГОЛИКИ
20.00 Т/С «КЛУБ»
22.00 ТРЕНДИ
22.30 ТАЧКУ НА ПРОКАЧКУ
23.00 ПЛЯЖ
23.50 ТАЙН.NET
00.50 MUSIC
ЦТУ ТВ3
6.00 Х/Ф «ТУФЛИ С ЗОЛОТЫМИ ПРЯЖКАМИ»
7.30 МУЛЬТФИЛЬМЫ
9.15 Х/Ф «РОККИ - 5»
11.45 УДИВИ МЕНЯ
13.30 Х/Ф «БИБЛИОТЕКАРЬ - 3»
14.45 Д/Ф «ГАРРИ ПОТТЕР. 50 ЛУЧШИХ МОМЕНТОВ»
16.00 Х/Ф «ГАРРИ ПОТТЕР И ПРИНЦ-ПОЛУКРОВКА»
19.00 Х/Ф «ХАТИКО: САМЫЙ ВЕРНЫЙ ДРУГ»
21.00 Х/Ф «КРАЙНИЕ МЕРЫ»
23.15 Д/Ф «ЭФФЕКТ НОСТРАДАМУСА»
